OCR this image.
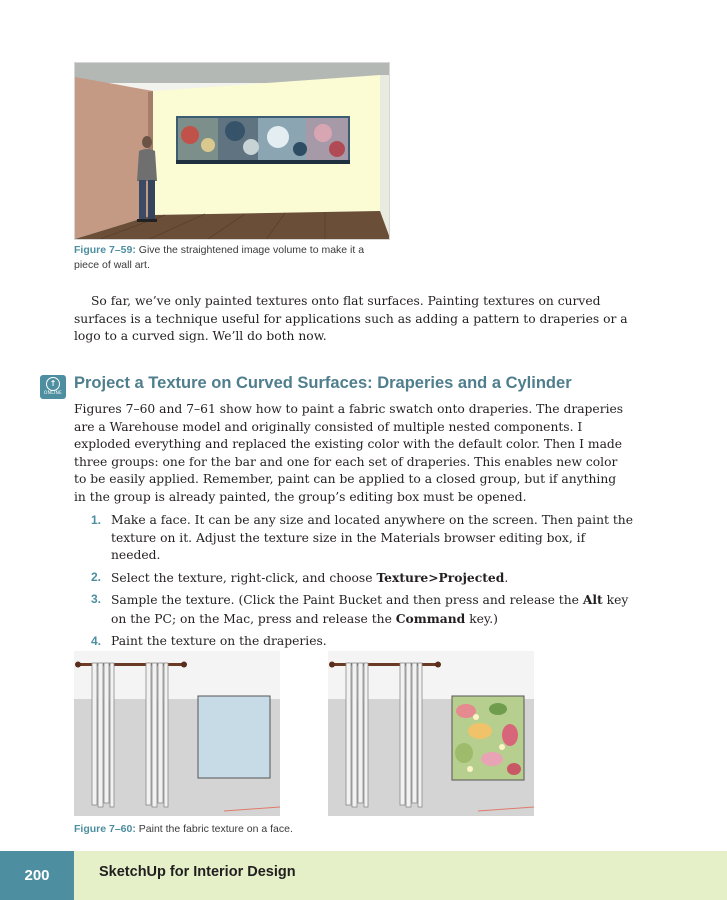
Figure 7–59: Give the straightened image volume to make it a
piece of wall art.

So far, we’ve only painted textures onto flat surfaces. Painting textures on curved surfaces is a technique useful for applications such as adding a pattern to draperies or a logo to a curved sign. We’ll do both now.

↑
ONLINE
Project a Texture on Curved Surfaces: Draperies and a Cylinder

Figures 7–60 and 7–61 show how to paint a fabric swatch onto draperies. The draperies are a Warehouse model and originally consisted of multiple nested components. I exploded everything and replaced the existing color with the default color. Then I made three groups: one for the bar and one for each set of draperies. This enables new color to be easily applied. Remember, paint can be applied to a closed group, but if anything in the group is already painted, the group’s editing box must be opened.

1. Make a face. It can be any size and located anywhere on the screen. Then paint the texture on it. Adjust the texture size in the Materials browser editing box, if needed.
2. Select the texture, right-click, and choose Texture>Projected.
3. Sample the texture. (Click the Paint Bucket and then press and release the Alt key on the PC; on the Mac, press and release the Command key.)
4. Paint the texture on the draperies.
Figure 7–60: Paint the fabric texture on a face.
200	SketchUp for Interior Design
